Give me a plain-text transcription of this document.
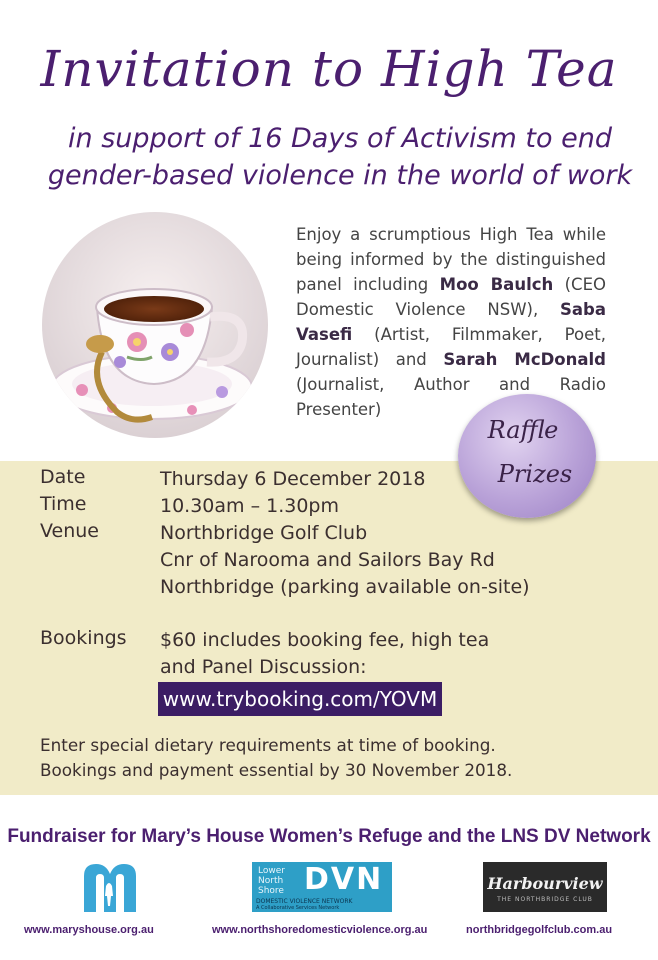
Invitation to High Tea
in support of 16 Days of Activism to end
gender-based violence in the world of work
Enjoy a scrumptious High Tea while being informed by the distinguished panel including Moo Baulch (CEO Domestic Violence NSW), Saba Vasefi (Artist, Filmmaker, Poet, Journalist) and Sarah McDonald (Journalist, Author and Radio Presenter)
Raffle
Prizes
Date	Thursday 6 December 2018
Time	10.30am – 1.30pm
Venue	Northbridge Golf Club
Cnr of Narooma and Sailors Bay Rd
Northbridge (parking available on-site)
Bookings	$60 includes booking fee, high tea
and Panel Discussion:
www.trybooking.com/YOVM
Enter special dietary requirements at time of booking.
Bookings and payment essential by 30 November 2018.
Fundraiser for Mary’s House Women’s Refuge and the LNS DV Network
Lower
North
Shore DVN
DOMESTIC VIOLENCE NETWORK
A Collaborative Services Network
Harbourview
THE NORTHBRIDGE CLUB
www.maryshouse.org.au	www.northshoredomesticviolence.org.au	northbridgegolfclub.com.au
